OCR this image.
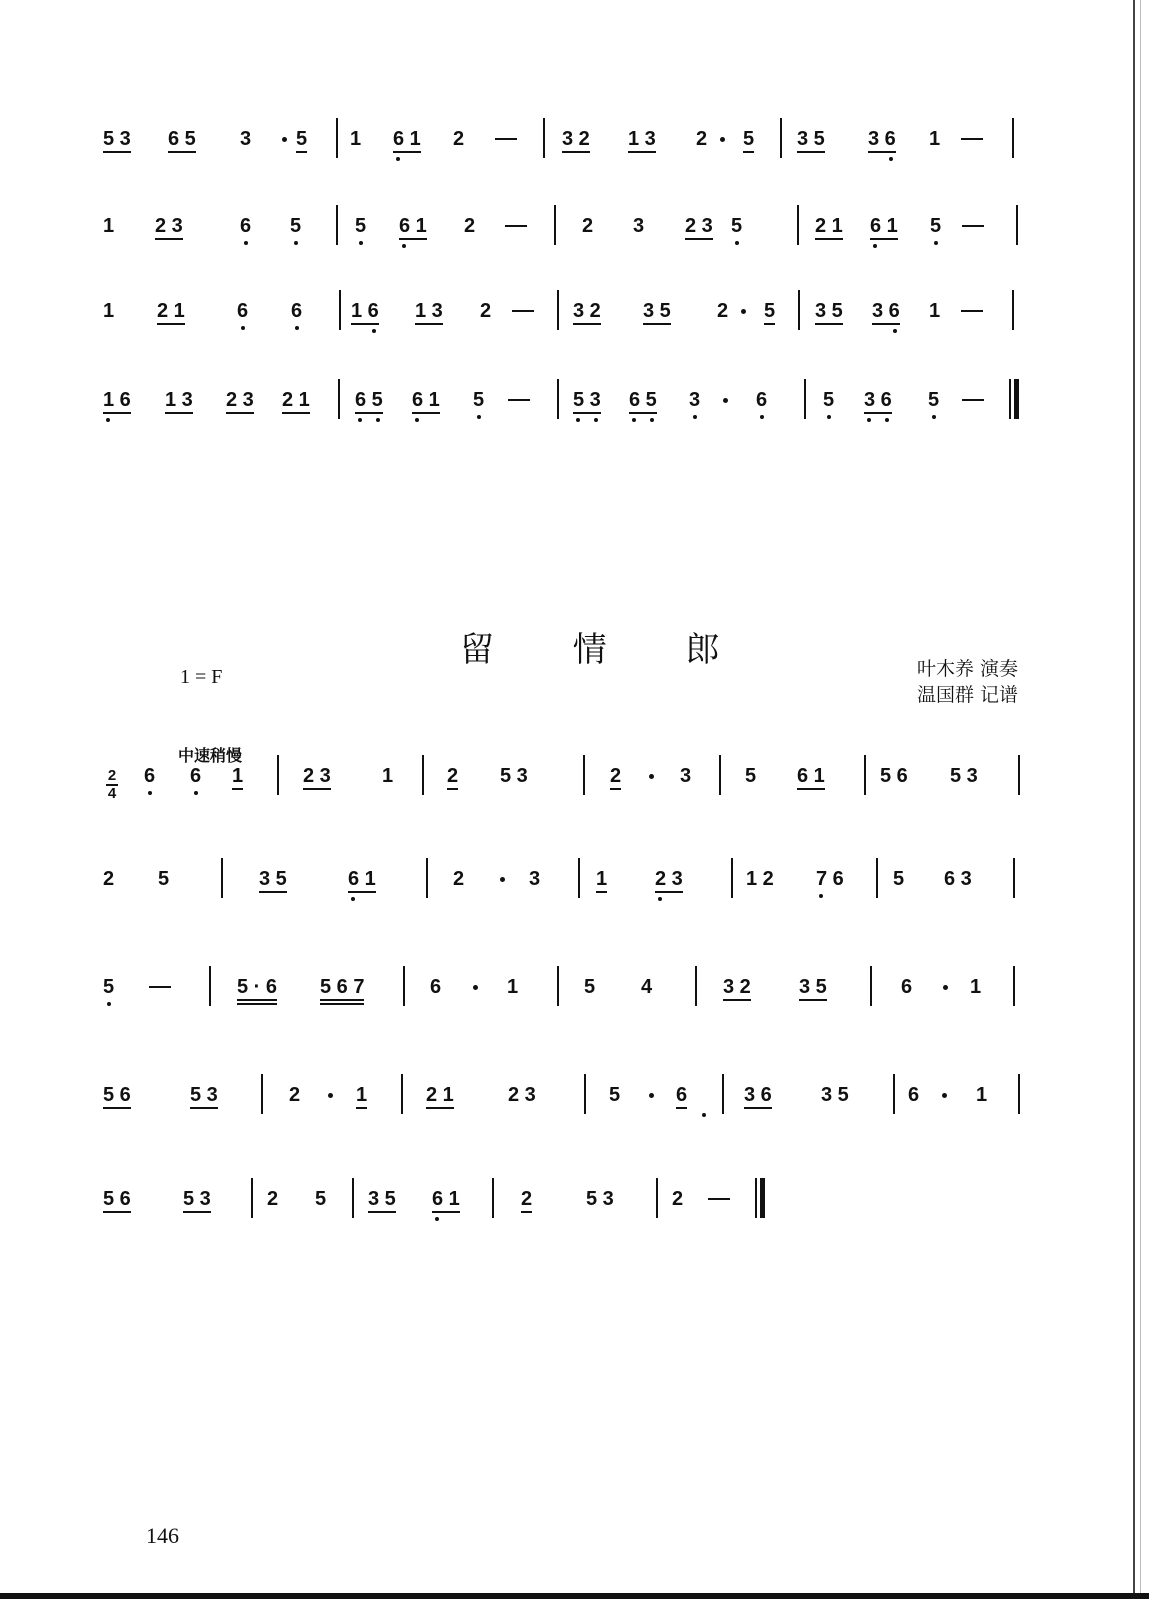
5 3 6 5 3 5 1 6 1 2	3 2 1 3 2 5 3 5 3 6 1
1 2 3	6 5	5 6 1 2	2 3 2 3 5	2 1 6 1 5
1 2 1	6 6 1 6 1 3 2	3 2 3 5 2 5 3 5 3 6 1
1 6 1 3 2 3 2 1 6 5 6 1 5	5 3 6 5 3	6	5 3 6 5
6 6 1	2 3	1	2 5 3	2	3	5 6 1	5 6 5 3
2 5	3 5	6 1	2	3	1 2 3	1 2 7 6 5 6 3
5	5 · 6 5 6 7	6	1	5 4	3 2 3 5	6	1
5 6	5 3	2	1	2 1	2 3	5	6	3 6 3 5	6	1
5 6	5 3	2 5 3 5 6 1	2	5 3	2
留 情 郎
1 = F	叶木养 演奏
温国群 记谱
中速稍慢
2
4
146
